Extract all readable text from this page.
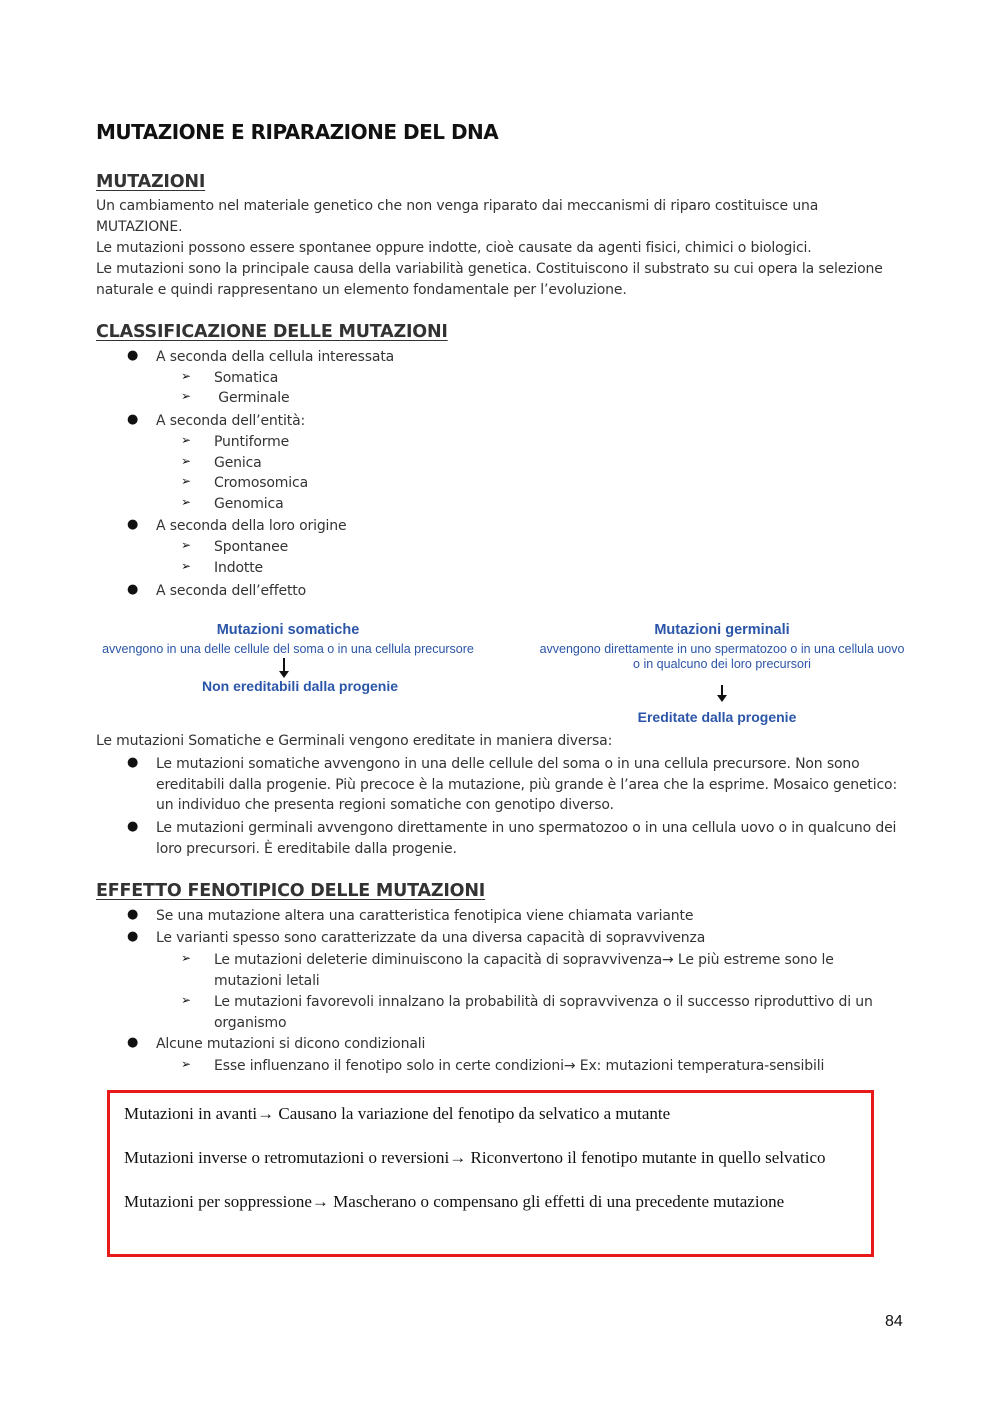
MUTAZIONE E RIPARAZIONE DEL DNA
MUTAZIONI

Un cambiamento nel materiale genetico che non venga riparato dai meccanismi di riparo costituisce una

MUTAZIONE.

Le mutazioni possono essere spontanee oppure indotte, cioè causate da agenti fisici, chimici o biologici.

Le mutazioni sono la principale causa della variabilità genetica. Costituiscono il substrato su cui opera la selezione

naturale e quindi rappresentano un elemento fondamentale per l’evoluzione.

CLASSIFICAZIONE DELLE MUTAZIONI
● A seconda della cellula interessata

➢ Somatica

➢ Germinale

● A seconda dell’entità:

➢ Puntiforme

➢ Genica

➢ Cromosomica

➢ Genomica

● A seconda della loro origine

➢ Spontanee

➢ Indotte

● A seconda dell’effetto

Mutazioni somatiche
avvengono in una delle cellule del soma o in una cellula precursore
Non ereditabili dalla progenie
Mutazioni germinali
avvengono direttamente in uno spermatozoo o in una cellula uovo
o in qualcuno dei loro precursori
Ereditate dalla progenie

Le mutazioni Somatiche e Germinali vengono ereditate in maniera diversa:

● Le mutazioni somatiche avvengono in una delle cellule del soma o in una cellula precursore. Non sono

ereditabili dalla progenie. Più precoce è la mutazione, più grande è l’area che la esprime. Mosaico genetico:

un individuo che presenta regioni somatiche con genotipo diverso.

● Le mutazioni germinali avvengono direttamente in uno spermatozoo o in una cellula uovo o in qualcuno dei

loro precursori. È ereditabile dalla progenie.

EFFETTO FENOTIPICO DELLE MUTAZIONI
● Se una mutazione altera una caratteristica fenotipica viene chiamata variante

● Le varianti spesso sono caratterizzate da una diversa capacità di sopravvivenza

➢ Le mutazioni deleterie diminuiscono la capacità di sopravvivenza→ Le più estreme sono le

mutazioni letali

➢ Le mutazioni favorevoli innalzano la probabilità di sopravvivenza o il successo riproduttivo di un

organismo

● Alcune mutazioni si dicono condizionali

➢ Esse influenzano il fenotipo solo in certe condizioni→ Ex: mutazioni temperatura-sensibili

Mutazioni in avanti→ Causano la variazione del fenotipo da selvatico a mutante

Mutazioni inverse o retromutazioni o reversioni→ Riconvertono il fenotipo mutante in quello selvatico

Mutazioni per soppressione→ Mascherano o compensano gli effetti di una precedente mutazione

84
